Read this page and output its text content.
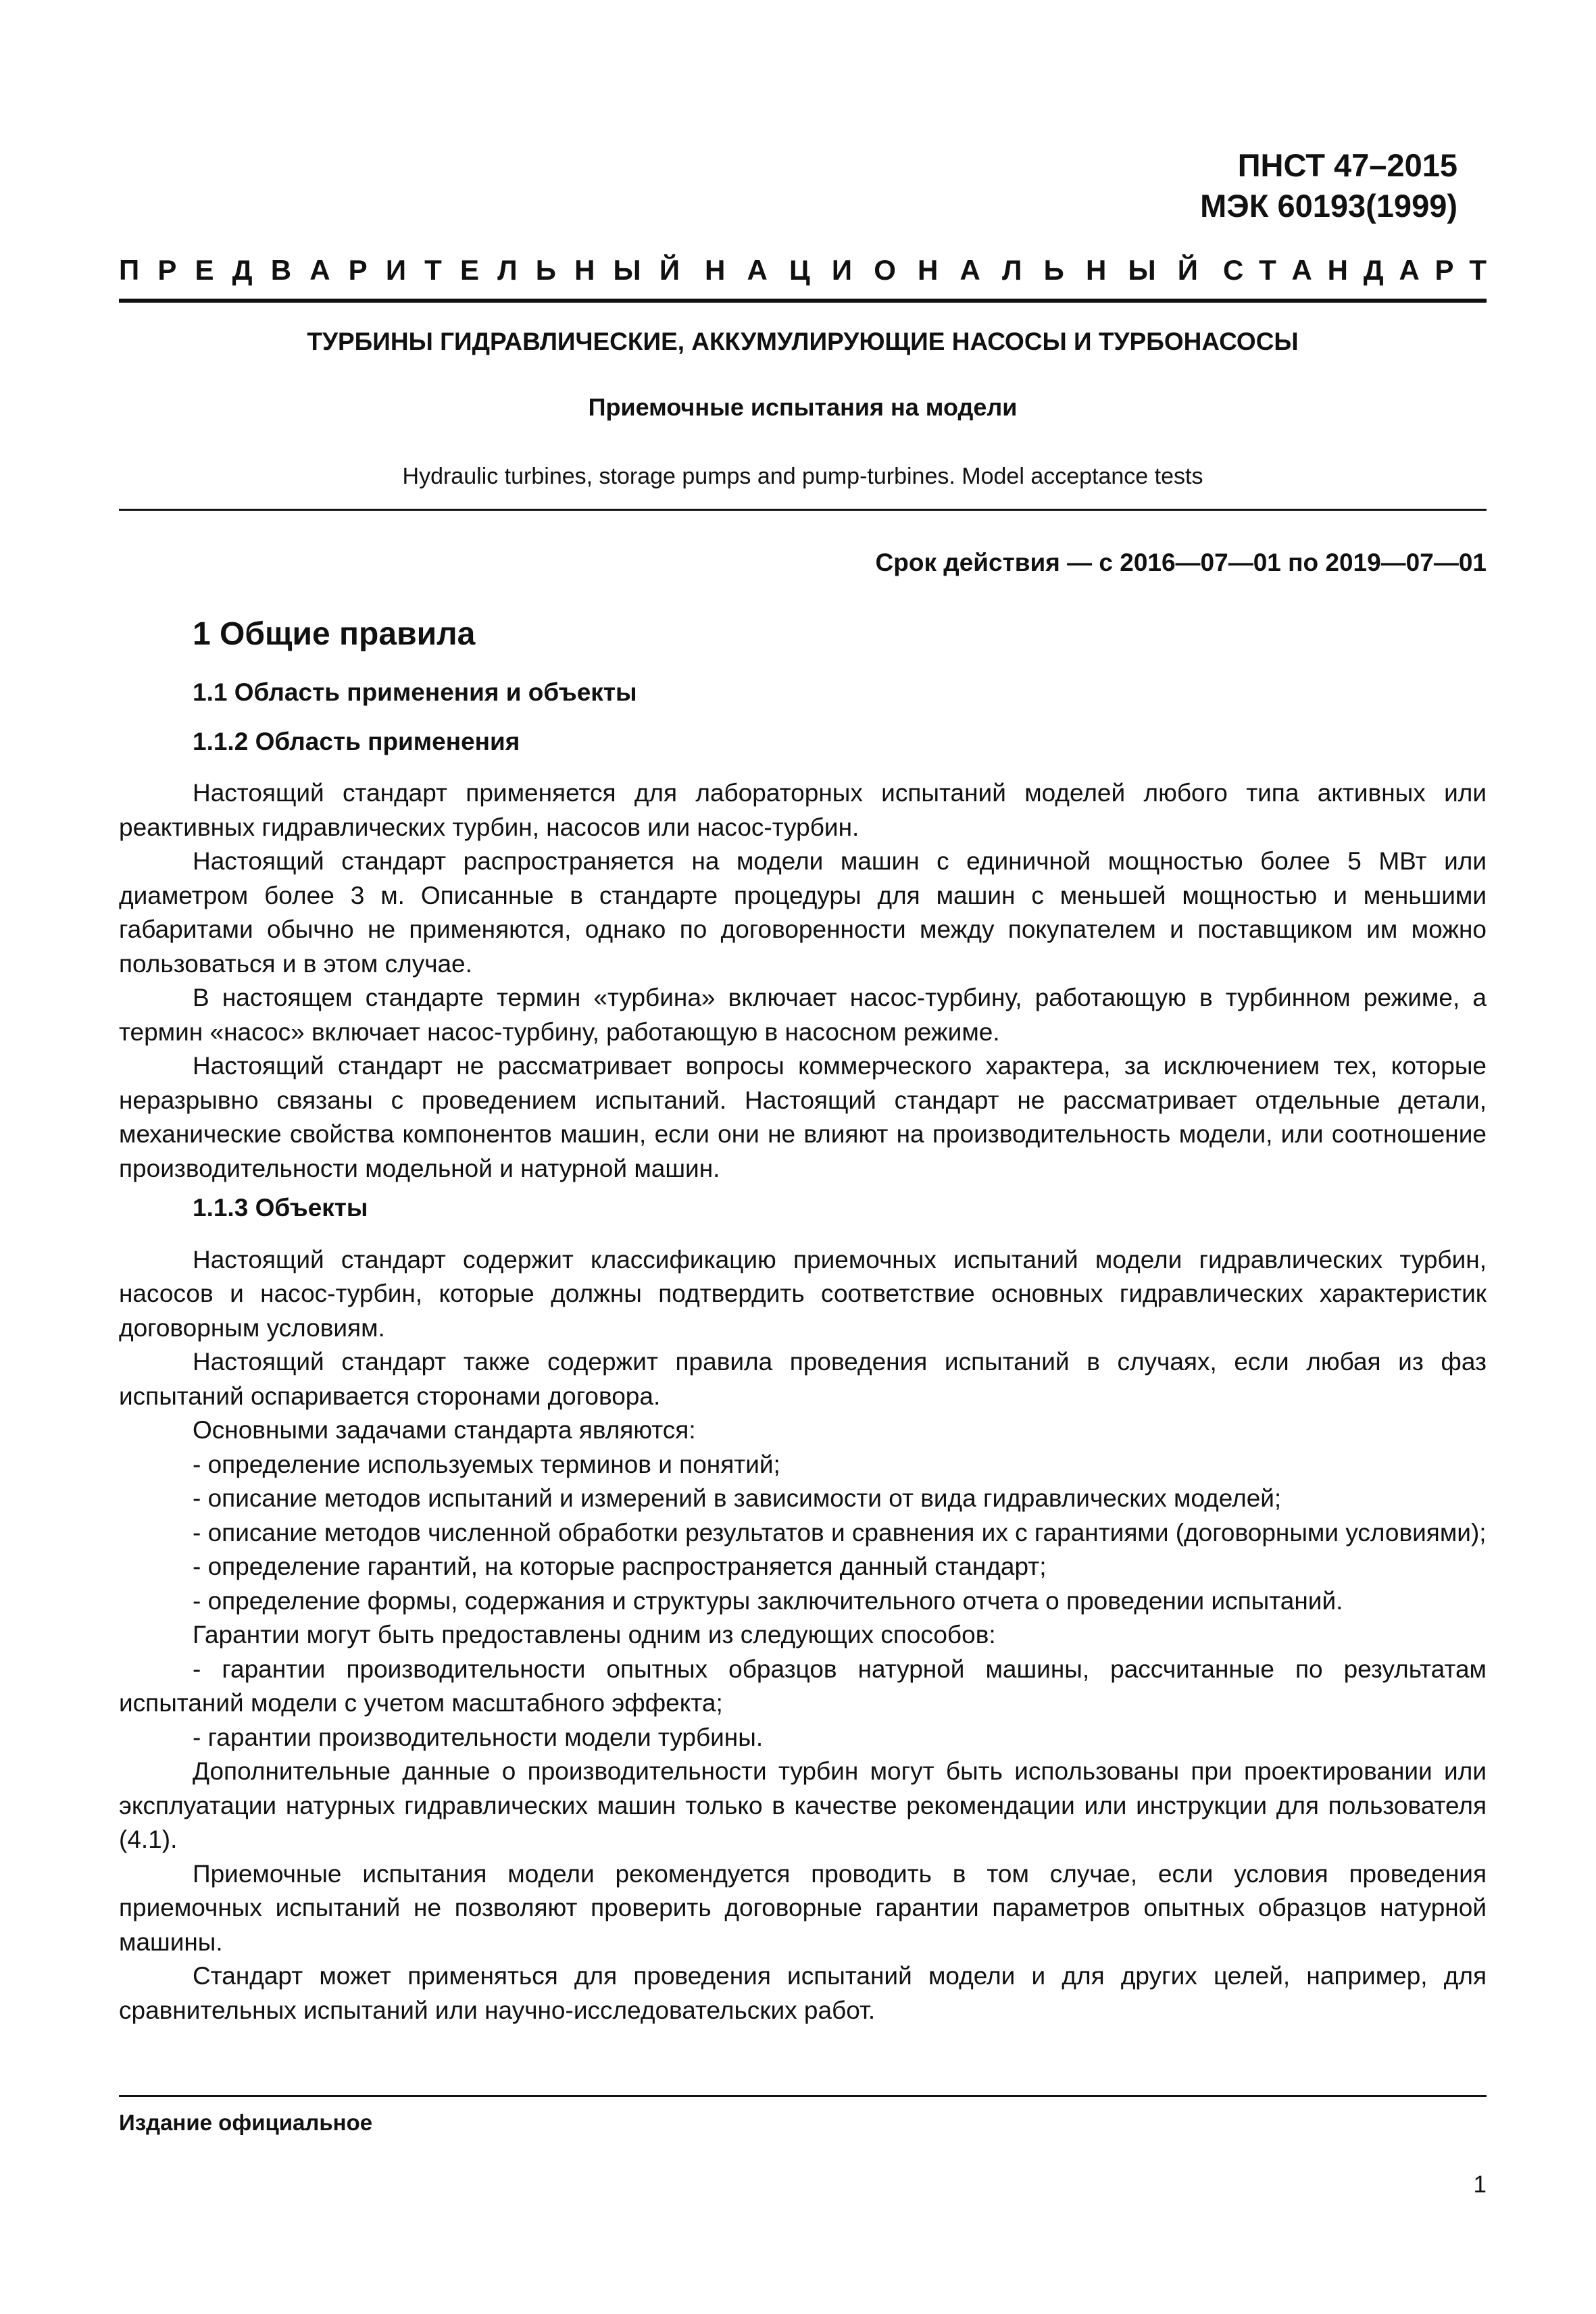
ПНСТ 47–2015
МЭК 60193(1999)
П Р Е Д В А Р И Т Е Л Ь Н Ы Й Н А Ц И О Н А Л Ь Н Ы Й С Т А Н Д А Р Т
ТУРБИНЫ ГИДРАВЛИЧЕСКИЕ, АККУМУЛИРУЮЩИЕ НАСОСЫ И ТУРБОНАСОСЫ
Приемочные испытания на модели
Hydraulic turbines, storage pumps and pump-turbines. Model acceptance tests
Срок действия — с 2016—07—01 по 2019—07—01
1 Общие правила
1.1 Область применения и объекты
1.1.2 Область применения

Настоящий стандарт применяется для лабораторных испытаний моделей любого типа активных или реактивных гидравлических турбин, насосов или насос-турбин.

Настоящий стандарт распространяется на модели машин с единичной мощностью более 5 МВт или диаметром более 3 м. Описанные в стандарте процедуры для машин с меньшей мощностью и меньшими габаритами обычно не применяются, однако по договоренности между покупателем и поставщиком им можно пользоваться и в этом случае.

В настоящем стандарте термин «турбина» включает насос-турбину, работающую в турбинном режиме, а термин «насос» включает насос-турбину, работающую в насосном режиме.

Настоящий стандарт не рассматривает вопросы коммерческого характера, за исключением тех, которые неразрывно связаны с проведением испытаний. Настоящий стандарт не рассматривает отдельные детали, механические свойства компонентов машин, если они не влияют на производительность модели, или соотношение производительности модельной и натурной машин.

1.1.3 Объекты

Настоящий стандарт содержит классификацию приемочных испытаний модели гидравлических турбин, насосов и насос-турбин, которые должны подтвердить соответствие основных гидравлических характеристик договорным условиям.

Настоящий стандарт также содержит правила проведения испытаний в случаях, если любая из фаз испытаний оспаривается сторонами договора.

Основными задачами стандарта являются:

- определение используемых терминов и понятий;

- описание методов испытаний и измерений в зависимости от вида гидравлических моделей;

- описание методов численной обработки результатов и сравнения их с гарантиями (договорными условиями);

- определение гарантий, на которые распространяется данный стандарт;

- определение формы, содержания и структуры заключительного отчета о проведении испытаний.

Гарантии могут быть предоставлены одним из следующих способов:

- гарантии производительности опытных образцов натурной машины, рассчитанные по результатам испытаний модели с учетом масштабного эффекта;

- гарантии производительности модели турбины.

Дополнительные данные о производительности турбин могут быть использованы при проектировании или эксплуатации натурных гидравлических машин только в качестве рекомендации или инструкции для пользователя (4.1).

Приемочные испытания модели рекомендуется проводить в том случае, если условия проведения приемочных испытаний не позволяют проверить договорные гарантии параметров опытных образцов натурной машины.

Стандарт может применяться для проведения испытаний модели и для других целей, например, для сравнительных испытаний или научно-исследовательских работ.

Издание официальное
1
